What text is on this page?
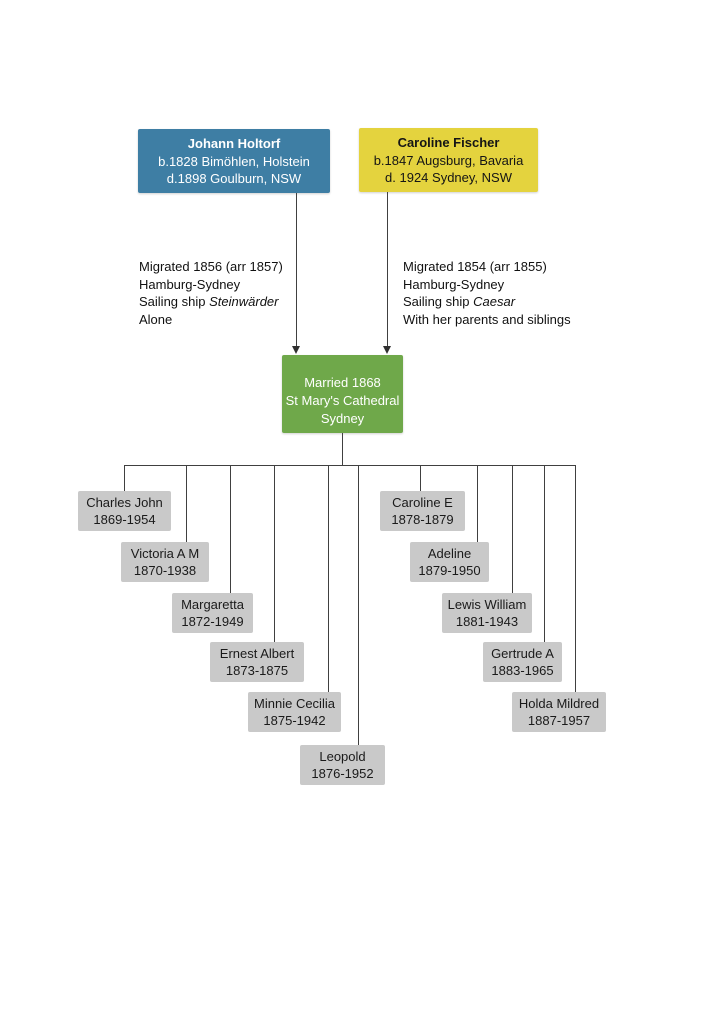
Johann Holtorf
b.1828 Bimöhlen, Holstein
d.1898 Goulburn, NSW
Caroline Fischer
b.1847 Augsburg, Bavaria
d. 1924 Sydney, NSW
Migrated 1856 (arr 1857)
Hamburg-Sydney
Sailing ship Steinwärder
Alone
Migrated 1854 (arr 1855)
Hamburg-Sydney
Sailing ship Caesar
With her parents and siblings
Married 1868
St Mary's Cathedral
Sydney
Charles John
1869-1954
Victoria A M
1870-1938
Margaretta
1872-1949
Ernest Albert
1873-1875
Minnie Cecilia
1875-1942
Leopold
1876-1952
Caroline E
1878-1879
Adeline
1879-1950
Lewis William
1881-1943
Gertrude A
1883-1965
Holda Mildred
1887-1957
